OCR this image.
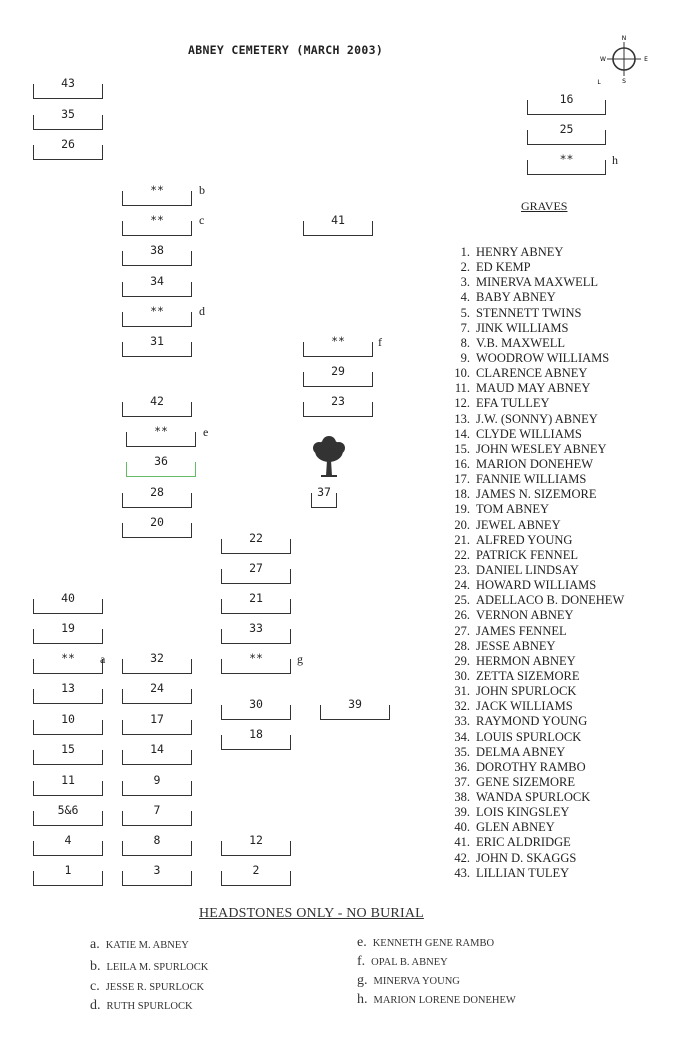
ABNEY CEMETERY (MARCH 2003)
N
S
E
W
L
43
35
26
40
19
**	a
13
10
15
11
5&6
4
1
**	b
**	c
38
34
**	d
31
42
**	e
36
28
20
32
24
17
14
9
7
8
3
22
27
21
33
**	g
30
18
12
2
41
**	f
29
23
37
39
16
25
**	h
GRAVES
1. HENRY ABNEY
2. ED KEMP
3. MINERVA MAXWELL
4. BABY ABNEY
5. STENNETT TWINS
7. JINK WILLIAMS
8. V.B. MAXWELL
9. WOODROW WILLIAMS
10. CLARENCE ABNEY
11. MAUD MAY ABNEY
12. EFA TULLEY
13. J.W. (SONNY) ABNEY
14. CLYDE WILLIAMS
15. JOHN WESLEY ABNEY
16. MARION DONEHEW
17. FANNIE WILLIAMS
18. JAMES N. SIZEMORE
19. TOM ABNEY
20. JEWEL ABNEY
21. ALFRED YOUNG
22. PATRICK FENNEL
23. DANIEL LINDSAY
24. HOWARD WILLIAMS
25. ADELLACO B. DONEHEW
26. VERNON ABNEY
27. JAMES FENNEL
28. JESSE ABNEY
29. HERMON ABNEY
30. ZETTA SIZEMORE
31. JOHN SPURLOCK
32. JACK WILLIAMS
33. RAYMOND YOUNG
34. LOUIS SPURLOCK
35. DELMA ABNEY
36. DOROTHY RAMBO
37. GENE SIZEMORE
38. WANDA SPURLOCK
39. LOIS KINGSLEY
40. GLEN ABNEY
41. ERIC ALDRIDGE
42. JOHN D. SKAGGS
43. LILLIAN TULEY
HEADSTONES ONLY - NO BURIAL
a. KATIE M. ABNEY
b. LEILA M. SPURLOCK
c. JESSE R. SPURLOCK
d. RUTH SPURLOCK
e. KENNETH GENE RAMBO
f. OPAL B. ABNEY
g. MINERVA YOUNG
h. MARION LORENE DONEHEW
